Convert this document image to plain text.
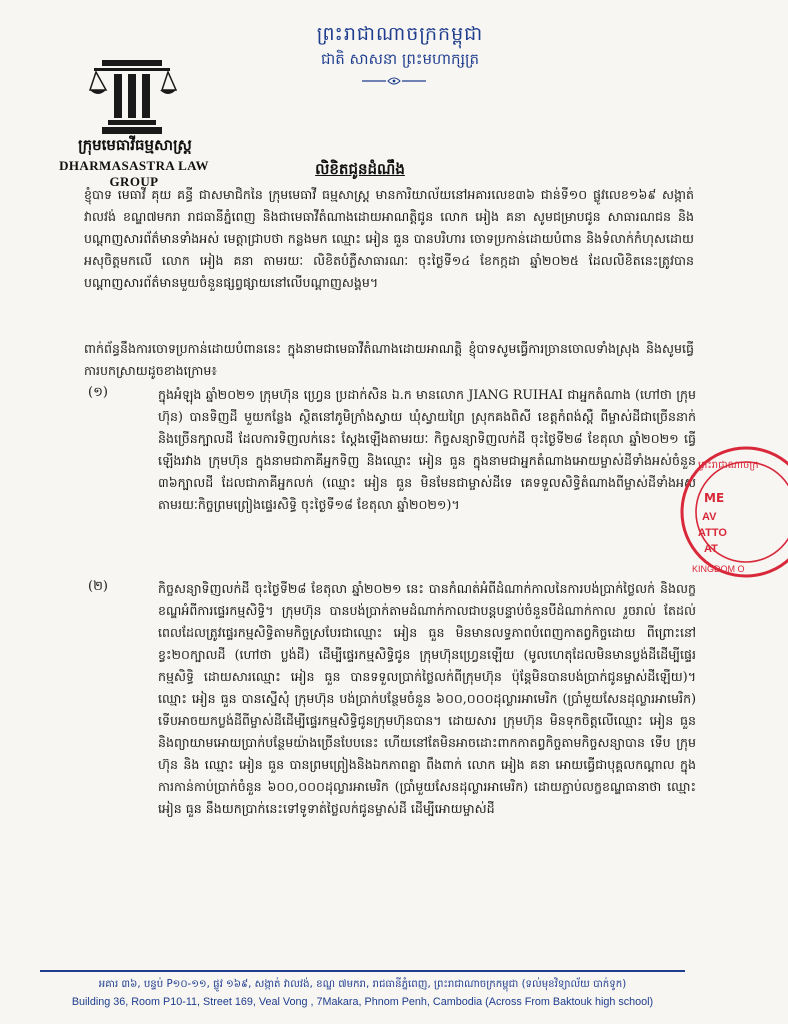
ព្រះរាជាណាចក្រកម្ពុជា
ជាតិ សាសនា ព្រះមហាក្សត្រ
ក្រុមមេធាវីធម្មសាស្ត្រ
DHARMASASTRA LAW GROUP
លិខិតជូនដំណឹង
ខ្ញុំបាទ មេធាវី គុយ គន្ធី ជាសមាជិកនៃ ក្រុមមេធាវី ធម្មសាស្ត្រ មានការិយាល័យនៅអគារលេខ៣៦ ជាន់ទី១០ ផ្លូវលេខ១៦៩ សង្កាត់វាលវង់ ខណ្ឌ៧មករា រាជធានីភ្នំពេញ និងជាមេធាវីតំណាងដោយអាណត្តិជូន លោក អៀង គនា សូមជម្រាបជូន សាធារណជន និងបណ្តាញសារព័ត៌មានទាំងអស់ មេត្តាជ្រាបថា កន្លងមក ឈ្មោះ អៀន ធួន បានបរិហារ ចោទប្រកាន់ដោយបំពាន និងទំលាក់កំហុសដោយអសុចិត្តមកលើ លោក អៀង គនា តាមរយៈ លិខិតបំភ្លឺសាធារណៈ ចុះថ្ងៃទី១៤ ខែកក្កដា ឆ្នាំ២០២៥ ដែលលិខិតនេះត្រូវបានបណ្តាញសារព័ត៌មានមួយចំនួនផ្សព្វផ្សាយនៅលើបណ្តាញសង្គម។
ពាក់ព័ន្ធនឹងការចោទប្រកាន់ដោយបំពាននេះ ក្នុងនាមជាមេធាវីតំណាងដោយអាណត្តិ ខ្ញុំបាទសូមធ្វើការច្រានចោលទាំងស្រុង និងសូមធ្វើការបកស្រាយដូចខាងក្រោម៖
(១)	ក្នុងអំឡុង ឆ្នាំ២០២១ ក្រុមហ៊ុន ហ្វ្រេន ប្រដាក់សិន ឯ.ក មានលោក JIANG RUIHAI ជាអ្នកតំណាង (ហៅថា ក្រុមហ៊ុន) បានទិញដី មួយកន្លែង ស្ថិតនៅភូមិក្រាំងស្វាយ ឃុំស្វាយព្រៃ ស្រុកគងពិសី ខេត្តកំពង់ស្ពឺ ពីម្ចាស់ដីជាច្រើននាក់ និងច្រើនក្បាលដី ដែលការទិញលក់នេះ ស្តែងឡើងតាមរយៈ កិច្ចសន្យាទិញលក់ដី ចុះថ្ងៃទី២៨ ខែតុលា ឆ្នាំ២០២១ ធ្វើឡើងរវាង ក្រុមហ៊ុន ក្នុងនាមជាភាគីអ្នកទិញ និងឈ្មោះ អៀន ធួន ក្នុងនាមជាអ្នកតំណាងអោយម្ចាស់ដីទាំងអស់ចំនួន ៣៦ក្បាលដី ដែលជាភាគីអ្នកលក់ (ឈ្មោះ អៀន ធួន មិនមែនជាម្ចាស់ដីទេ គេទទួលសិទ្ធិតំណាងពីម្ចាស់ដីទាំងអស់ តាមរយៈកិច្ចព្រមព្រៀងផ្ទេរសិទ្ធិ ចុះថ្ងៃទី១៨ ខែតុលា ឆ្នាំ២០២១)។
(២)	កិច្ចសន្យាទិញលក់ដី ចុះថ្ងៃទី២៨ ខែតុលា ឆ្នាំ២០២១ នេះ បានកំណត់អំពីដំណាក់កាលនៃការបង់ប្រាក់ថ្លៃលក់ និងលក្ខខណ្ឌអំពីការផ្ទេរកម្មសិទ្ធិ។ ក្រុមហ៊ុន បានបង់ប្រាក់តាមដំណាក់កាលជាបន្តបន្ទាប់ចំនួនបីដំណាក់កាល រួចរាល់ តែដល់ពេលដែលត្រូវផ្ទេរកម្មសិទ្ធិតាមកិច្ចស្របែរជាឈ្មោះ អៀន ធួន មិនមានលទ្ធភាពបំពេញកាតព្វកិច្ចដោយ ពីព្រោះនៅខ្វះ២០ក្បាលដី (ហៅថា ប្លង់ដី) ដើម្បីផ្ទេរកម្មសិទ្ធិជូន ក្រុមហ៊ុនហ្វ្រេនឡើយ (មូលហេតុដែលមិនមានប្លង់ដីដើម្បីផ្ទេរកម្មសិទ្ធិ ដោយសារឈ្មោះ អៀន ធួន បានទទួលប្រាក់ថ្លៃលក់ពីក្រុមហ៊ុន ប៉ុន្តែមិនបានបង់ប្រាក់ជូនម្ចាស់ដីឡើយ)។ ឈ្មោះ អៀន ធួន បានស្នើសុំ ក្រុមហ៊ុន បង់ប្រាក់បន្ថែមចំនួន ៦០០,០០០ដុល្លារអាមេរិក (ប្រាំមួយសែនដុល្លារអាមេរិក) ទើបអាចយកប្លង់ដីពីម្ចាស់ដីដើម្បីផ្ទេរកម្មសិទ្ធិជូនក្រុមហ៊ុនបាន។ ដោយសារ ក្រុមហ៊ុន មិនទុកចិត្តលើឈ្មោះ អៀន ធួន និងព្យាយាមអោយប្រាក់បន្ថែមយ៉ាងច្រើនបែបនេះ ហើយនៅតែមិនអាចដោះពាកកាតព្វកិច្ចតាមកិច្ចសន្យាបាន ទើប ក្រុមហ៊ុន និង ឈ្មោះ អៀន ធួន បានព្រមព្រៀងនិងឯកភាពគ្នា ពឹងពាក់ លោក អៀង គនា អោយធ្វើជាបុគ្គលកណ្តាល ក្នុងការកាន់កាប់ប្រាក់ចំនួន ៦០០,០០០ដុល្លារអាមេរិក (ប្រាំមួយសែនដុល្លារអាមេរិក) ដោយភ្ជាប់លក្ខខណ្ឌធានាថា ឈ្មោះ អៀន ធួន នឹងយកប្រាក់នេះទៅទូទាត់ថ្លៃលក់ជូនម្ចាស់ដី ដើម្បីអោយម្ចាស់ដី
ព្រះរាជាណាចក្រ
ME
AV
ATTO
AT
KINGDOM O
អគារ ៣៦, បន្ទប់ P១០-១១, ផ្លូវ ១៦៩, សង្កាត់ វាលវង់, ខណ្ឌ ៧មករា, រាជធានីភ្នំពេញ, ព្រះរាជាណាចក្រកម្ពុជា (ទល់មុខវិទ្យាល័យ បាក់ទូក)
Building 36, Room P10-11, Street 169, Veal Vong , 7Makara, Phnom Penh, Cambodia (Across From Baktouk high school)
